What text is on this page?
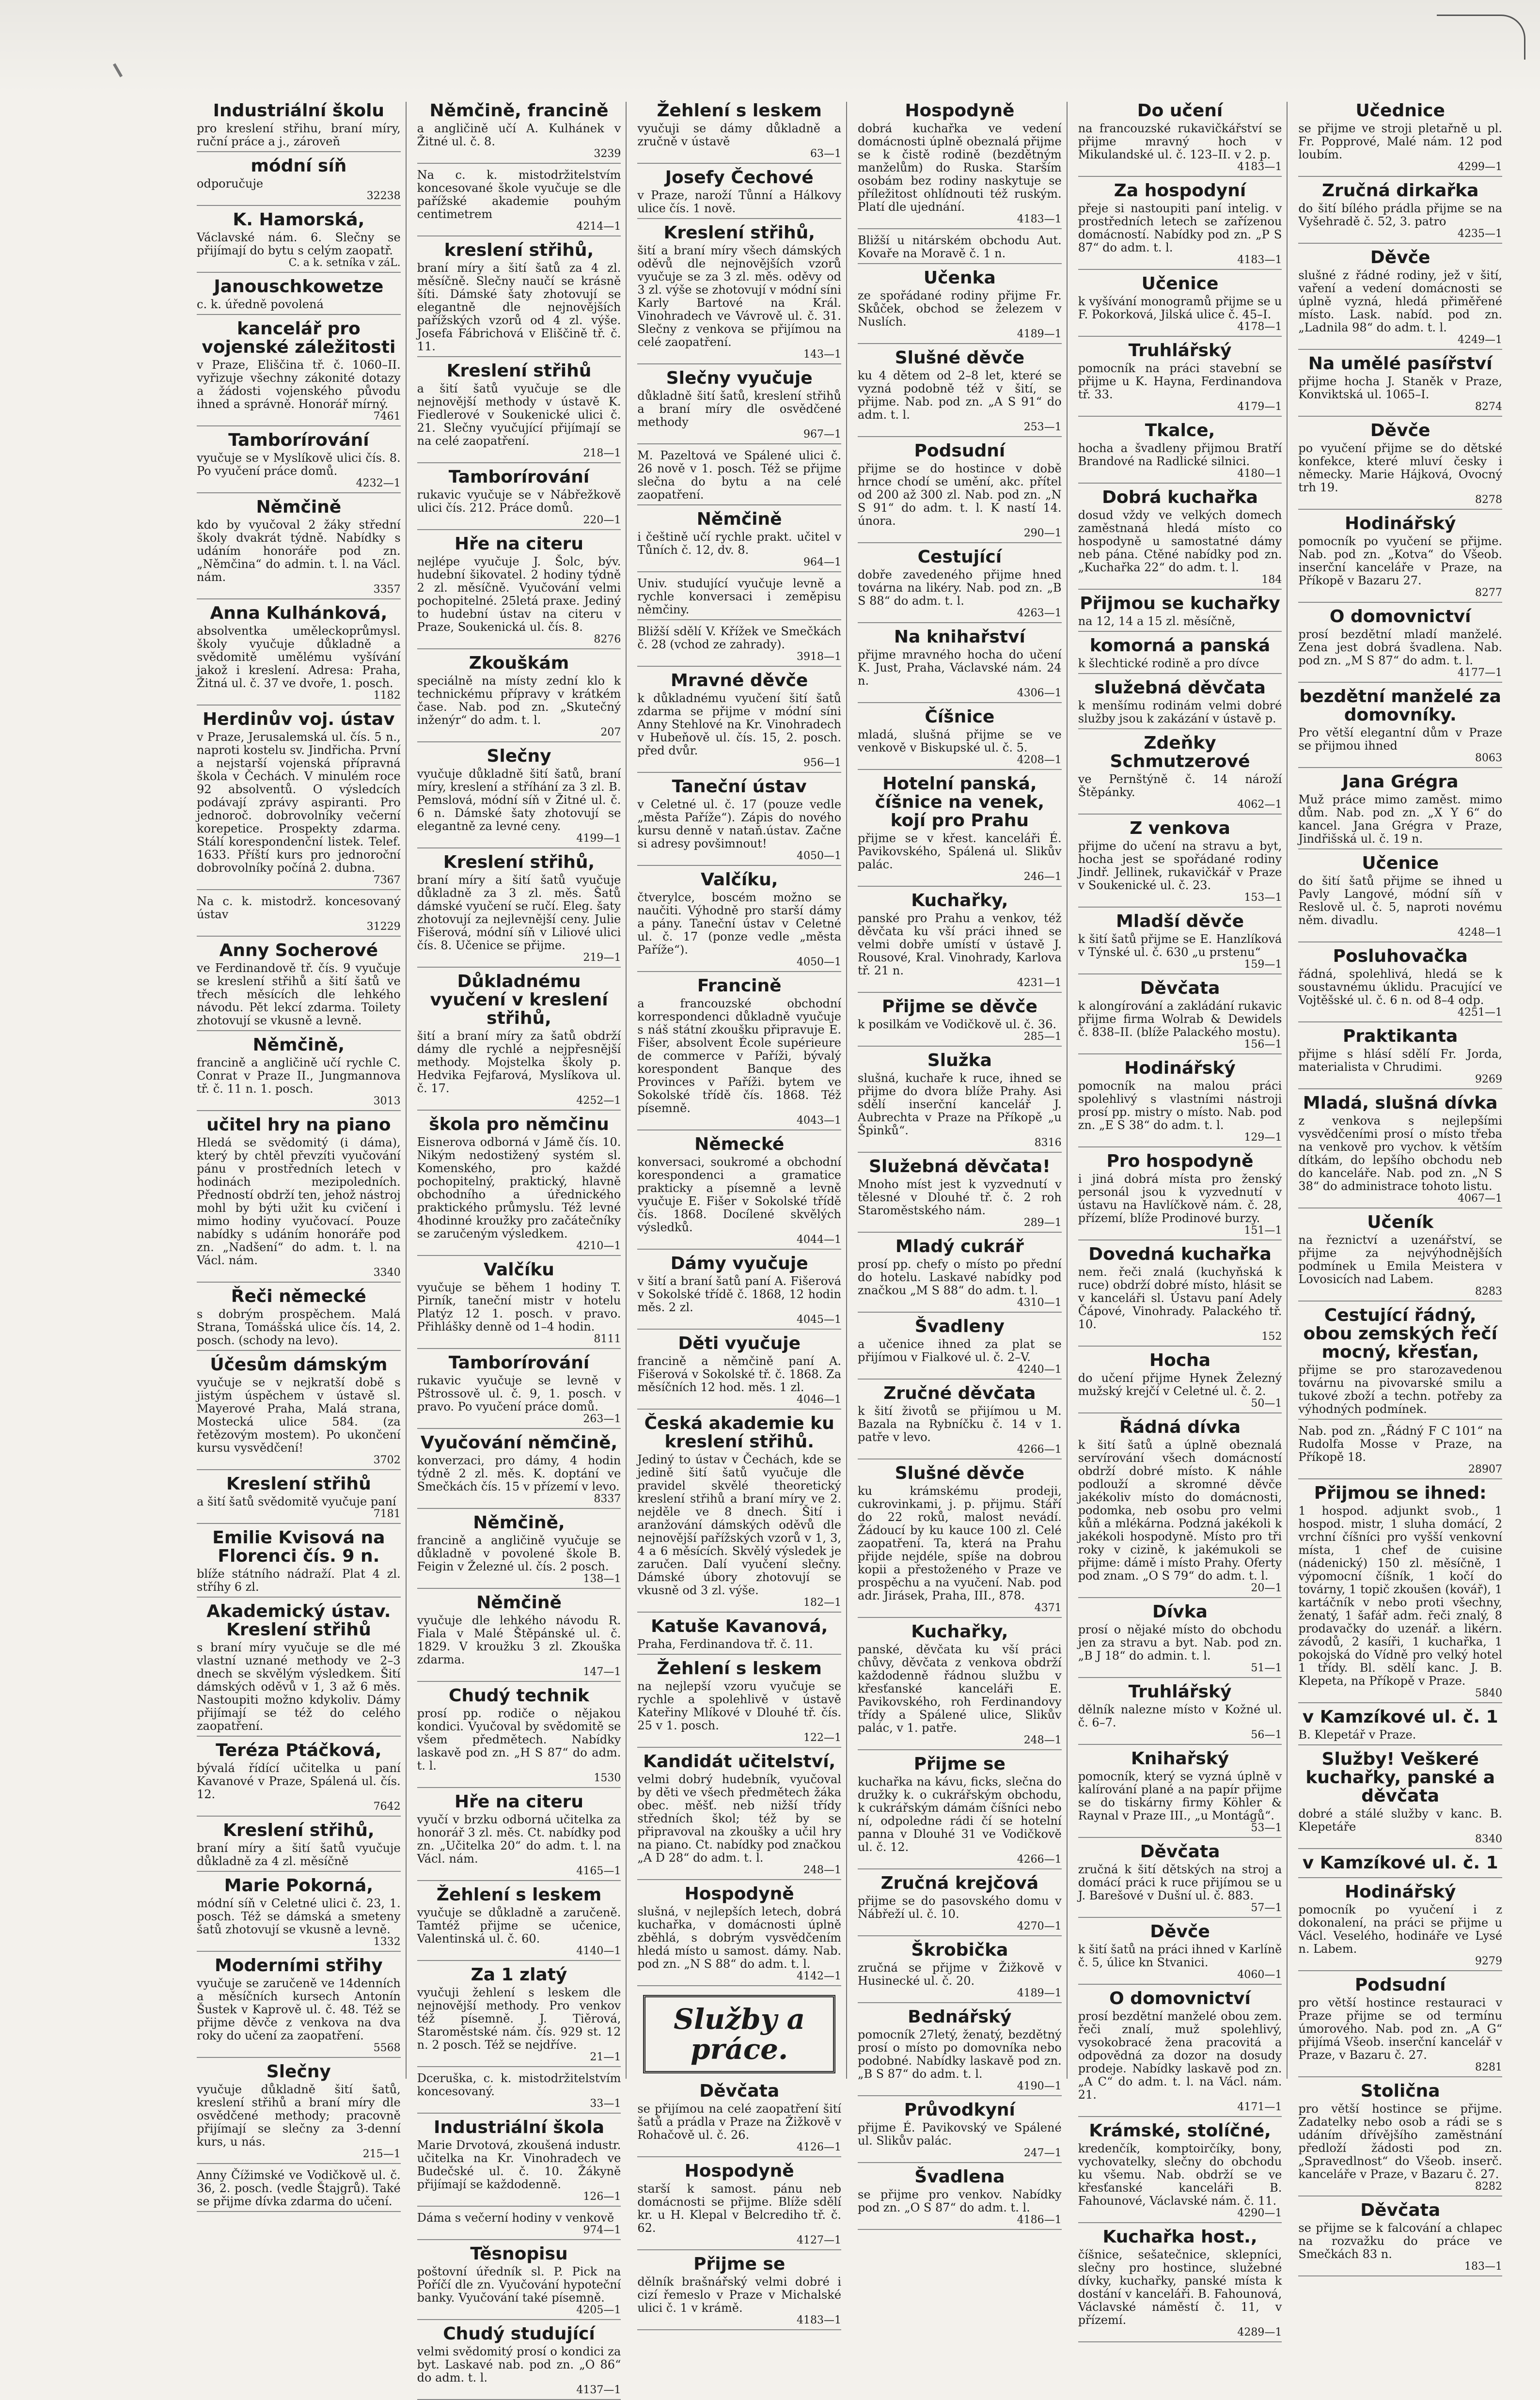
Industriální školu

pro kreslení střihu, braní míry, ruční práce a j., zároveň

módní síň

odporučuje

32238
K. Hamorská,

Václavské nám. 6. Slečny se přijímají do bytu s celým zaopatř.

C. a k. setníka v záL.
Janouschkowetze

c. k. úředně povolená

kancelář pro vojenské záležitosti

v Praze, Eliščina tř. č. 1060–II. vyřizuje všechny zákonité dotazy a žádosti vojenského původu ihned a správně. Honorář mírný.

7461
Tamborírování

vyučuje se v Myslíkově ulici čís. 8. Po vyučení práce domů.

4232—1
Němčině

kdo by vyučoval 2 žáky střední školy dvakrát týdně. Nabídky s udáním honoráře pod zn. „Němčina“ do admin. t. l. na Václ. nám.

3357
Anna Kulhánková,

absolventka uměleckoprůmysl. školy vyučuje důkladně a svědomitě umělému vyšívání jakož i kreslení. Adresa: Praha, Žitná ul. č. 37 ve dvoře, 1. posch.

1182
Herdinův voj. ústav

v Praze, Jerusalemská ul. čís. 5 n., naproti kostelu sv. Jindřicha. První a nejstarší vojenská přípravná škola v Čechách. V minulém roce 92 absolventů. O výsledcích podávají zprávy aspiranti. Pro jednoroč. dobrovolníky večerní korepetice. Prospekty zdarma. Stálí korespondenční listek. Telef. 1633. Příští kurs pro jednoroční dobrovolníky počíná 2. dubna.

7367

Na c. k. mistodrž. koncesovaný ústav

31229
Anny Socherové

ve Ferdinandově tř. čís. 9 vyučuje se kreslení střihů a šití šatů ve třech měsících dle lehkého návodu. Pět lekcí zdarma. Toilety zhotovují se vkusně a levně.

Němčině,

francině a angličině učí rychle C. Conrat v Praze II., Jungmannova tř. č. 11 n. 1. posch.

3013
učitel hry na piano

Hledá se svědomitý (i dáma), který by chtěl převzíti vyučování pánu v prostředních letech v hodinách mezipoledních. Předností obdrží ten, jehož nástroj mohl by býti užit ku cvičení i mimo hodiny vyučovací. Pouze nabídky s udáním honoráře pod zn. „Nadšení“ do adm. t. l. na Václ. nám.

3340
Řeči německé

s dobrým prospěchem. Malá Strana, Tomášská ulice čís. 14, 2. posch. (schody na levo).

Účesům dámským

vyučuje se v nejkratší době s jistým úspěchem v ústavě sl. Mayerové Praha, Malá strana, Mostecká ulice 584. (za řetězovým mostem). Po ukončení kursu vysvědčení!

3702
Kreslení střihů

a šití šatů svědomitě vyučuje paní

7181
Emilie Kvisová na Florenci čís. 9 n.

blíže státního nádraží. Plat 4 zl. stříhy 6 zl.

Akademický ústav. Kreslení střihů

s braní míry vyučuje se dle mé vlastní uznané methody ve 2–3 dnech se skvělým výsledkem. Šití dámských oděvů v 1, 3 až 6 měs. Nastoupiti možno kdykoliv. Dámy přijímají se též do celého zaopatření.

Teréza Ptáčková,

bývalá řídící učitelka u paní Kavanové v Praze, Spálená ul. čís. 12.

7642
Kreslení střihů,

braní míry a šití šatů vyučuje důkladně za 4 zl. měsíčně

Marie Pokorná,

módní síň v Celetné ulici č. 23, 1. posch. Též se dámská a smeteny šatů zhotovují se vkusně a levně.

1332
Moderními střihy

vyučuje se zaručeně ve 14denních a měsíčních kursech Antonín Šustek v Kaprově ul. č. 48. Též se přijme děvče z venkova na dva roky do učení za zaopatření.

5568
Slečny

vyučuje důkladně šití šatů, kreslení střihů a braní míry dle osvědčené methody; pracovně přijímají se slečny za 3-denní kurs, u nás.

215—1

Anny Čížimské ve Vodičkově ul. č. 36, 2. posch. (vedle Štajgrů). Také se přijme dívka zdarma do učení.

Němčině, francině

a angličině učí A. Kulhánek v Žitné ul. č. 8.

3239

Na c. k. mistodržitelstvím koncesované škole vyučuje se dle pařížské akademie pouhým centimetrem

4214—1
kreslení střihů,

braní míry a šití šatů za 4 zl. měsíčně. Slečny naučí se krásně šíti. Dámské šaty zhotovují se elegantně dle nejnovějších pařížských vzorů od 4 zl. výše. Josefa Fábrichová v Eliščině tř. č. 11.

Kreslení střihů

a šití šatů vyučuje se dle nejnovější methody v ústavě K. Fiedlerové v Soukenické ulici č. 21. Slečny vyučující přijímají se na celé zaopatření.

218—1
Tamborírování

rukavic vyučuje se v Nábřežkově ulici čís. 212. Práce domů.

220—1
Hře na citeru

nejlépe vyučuje J. Šolc, býv. hudební šikovatel. 2 hodiny týdně 2 zl. měsíčně. Vyučování velmi pochopitelné. 25letá praxe. Jediný to hudební ústav na citeru v Praze, Soukenická ul. čís. 8.

8276
Zkouškám

speciálně na místy zední klo k technickému přípravy v krátkém čase. Nab. pod zn. „Skutečný inženýr“ do adm. t. l.

207
Slečny

vyučuje důkladně šití šatů, braní míry, kreslení a stříhání za 3 zl. B. Pemslová, módní síň v Žitné ul. č. 6 n. Dámské šaty zhotovují se elegantně za levné ceny.

4199—1
Kreslení střihů,

braní míry a šití šatů vyučuje důkladně za 3 zl. měs. Šatů dámské vyučení se ručí. Eleg. šaty zhotovují za nejlevnější ceny. Julie Fišerová, módní síň v Liliové ulici čís. 8. Učenice se přijme.

219—1
Důkladnému vyučení v kreslení střihů,

šití a braní míry za šatů obdrží dámy dle rychlé a nejpřesnější methody. Mojstelka školy p. Hedvika Fejfarová, Myslíkova ul. č. 17.

4252—1
škola pro němčinu

Eisnerova odborná v Jámě čís. 10. Nikým nedostižený systém sl. Komenského, pro každé pochopitelný, praktický, hlavně obchodního a úřednického praktického průmyslu. Též levné 4hodinné kroužky pro začátečníky se zaručeným výsledkem.

4210—1
Valčíku

vyučuje se během 1 hodiny T. Pirník, taneční mistr v hotelu Platýz 12 1. posch. v pravo. Přihlášky denně od 1–4 hodin.

8111
Tamborírování

rukavic vyučuje se levně v Pštrossově ul. č. 9, 1. posch. v pravo. Po vyučení práce domů.

263—1
Vyučování němčině,

konverzaci, pro dámy, 4 hodin týdně 2 zl. měs. K. doptání ve Smečkách čís. 15 v přízemí v levo.

8337
Němčině,

francině a angličině vyučuje se důkladně v povolené škole B. Feigin v Železné ul. čís. 2 posch.

138—1
Němčině

vyučuje dle lehkého návodu R. Fiala v Malé Štěpánské ul. č. 1829. V kroužku 3 zl. Zkouška zdarma.

147—1
Chudý technik

prosí pp. rodiče o nějakou kondici. Vyučoval by svědomitě se všem předmětech. Nabídky laskavě pod zn. „H S 87“ do adm. t. l.

1530
Hře na citeru

vyučí v brzku odborná učitelka za honorář 3 zl. měs. Ct. nabídky pod zn. „Učitelka 20“ do adm. t. l. na Václ. nám.

4165—1
Žehlení s leskem

vyučuje se důkladně a zaručeně. Tamtéž přijme se učenice, Valentinská ul. č. 60.

4140—1
Za 1 zlatý

vyučuji žehlení s leskem dle nejnovější methody. Pro venkov též písemně. J. Tiěrová, Staroměstské nám. čís. 929 st. 12 n. 2 posch. Též se nejdříve.

21—1

Dceruška, c. k. mistodržitelstvím koncesovaný.

33—1
Industriální škola

Marie Drvotová, zkoušená industr. učitelka na Kr. Vinohradech ve Budečské ul. č. 10. Žákyně přijímají se každodenně.

126—1

Dáma s večerní hodiny v venkově

974—1
Těsnopisu

poštovní úředník sl. P. Pick na Poříčí dle zn. Vyučování hypoteční banky. Vyučování také písemně.

4205—1
Chudý studující

velmi svědomitý prosí o kondici za byt. Laskavé nab. pod zn. „O 86“ do adm. t. l.

4137—1
Žehlení s leskem

vyučuji se dámy důkladně a zručně v ústavě

63—1
Josefy Čechové

v Praze, naroží Tůnní a Hálkovy ulice čís. 1 nově.

Kreslení střihů,

šití a braní míry všech dámských oděvů dle nejnovějších vzorů vyučuje se za 3 zl. měs. oděvy od 3 zl. výše se zhotovují v módní síni Karly Bartové na Král. Vinohradech ve Vávrově ul. č. 31. Slečny z venkova se přijímou na celé zaopatření.

143—1
Slečny vyučuje

důkladně šití šatů, kreslení střihů a braní míry dle osvědčené methody

967—1

M. Pazeltová ve Spálené ulici č. 26 nově v 1. posch. Též se přijme slečna do bytu a na celé zaopatření.

Němčině

i češtině učí rychle prakt. učitel v Tůních č. 12, dv. 8.

964—1

Univ. studující vyučuje levně a rychle konversaci i zeměpisu němčiny.

Bližší sdělí V. Křížek ve Smečkách č. 28 (vchod ze zahrady).

3918—1
Mravné děvče

k důkladnému vyučení šití šatů zdarma se přijme v módní síni Anny Stehlové na Kr. Vinohradech v Hubeňově ul. čís. 15, 2. posch. před dvůr.

956—1
Taneční ústav

v Celetné ul. č. 17 (pouze vedle „města Paříže“). Zápis do nového kursu denně v nataň.ústav. Začne si adresy povšimnout!

4050—1
Valčíku,

čtverylce, boscém možno se naučiti. Výhodně pro starší dámy a pány. Taneční ústav v Celetné ul. č. 17 (ponze vedle „města Paříže“).

4050—1
Francině

a francouzské obchodní korrespondenci důkladně vyučuje s náš státní zkoušku připravuje E. Fišer, absolvent École supérieure de commerce v Paříži, bývalý korespondent Banque des Provinces v Paříži. bytem ve Sokolské třídě čís. 1868. Též písemně.

4043—1
Německé

konversaci, soukromé a obchodní korespondenci a gramatice prakticky a písemně a levně vyučuje E. Fišer v Sokolské třídě čís. 1868. Docílené skvělých výsledků.

4044—1
Dámy vyučuje

v šití a braní šatů paní A. Fišerová v Sokolské třídě č. 1868, 12 hodin měs. 2 zl.

4045—1
Děti vyučuje

francině a němčině paní A. Fišerová v Sokolské tř. č. 1868. Za měsíčních 12 hod. měs. 1 zl.

4046—1
Česká akademie ku kreslení střihů.

Jediný to ústav v Čechách, kde se jedině šití šatů vyučuje dle pravidel skvělé theoretický kreslení střihů a braní míry ve 2. nejděle ve 8 dnech. Šití i aranžování dámských oděvů dle nejnovější pařížských vzorů v 1, 3, 4 a 6 měsících. Skvělý výsledek je zaručen. Dalí vyučení slečny. Dámské úbory zhotovují se vkusně od 3 zl. výše.

182—1
Katuše Kavanová,

Praha, Ferdinandova tř. č. 11.

Žehlení s leskem

na nejlepší vzoru vyučuje se rychle a spolehlivě v ústavě Kateřiny Mlíkové v Dlouhé tř. čís. 25 v 1. posch.

122—1
Kandidát učitelství,

velmi dobrý hudebník, vyučoval by děti ve všech předmětech žáka obec. měšť. neb nižší třídy středních škol; též by se připravoval na zkoušky a učil hry na piano. Ct. nabídky pod značkou „A D 28“ do adm. t. l.

248—1
Hospodyně

slušná, v nejlepších letech, dobrá kuchařka, v domácnosti úplně zběhlá, s dobrým vysvědčením hledá místo u samost. dámy. Nab. pod zn. „N S 88“ do adm. t. l.

4142—1
Služby a práce.
Děvčata

se přijímou na celé zaopatření šití šatů a prádla v Praze na Žižkově v Rohačově ul. č. 26.

4126—1
Hospodyně

starší k samost. pánu neb domácnosti se přijme. Blíže sdělí kr. u H. Klepal v Belcrediho tř. č. 62.

4127—1
Přijme se

dělník brašnářský velmi dobré i cizí řemeslo v Praze v Michalské ulici č. 1 v krámě.

4183—1
Hospodyně

dobrá kuchařka ve vedení domácnosti úplně obeznalá přijme se k čistě rodině (bezdětným manželům) do Ruska. Starším osobám bez rodiny naskytuje se příležitost ohlídnouti též ruským. Platí dle ujednání.

4183—1

Bližší u nitárském obchodu Aut. Kovaře na Moravě č. 1 n.

Učenka

ze spořádané rodiny přijme Fr. Skůček, obchod se železem v Nuslích.

4189—1
Slušné děvče

ku 4 dětem od 2–8 let, které se vyzná podobně též v šití, se přijme. Nab. pod zn. „A S 91“ do adm. t. l.

253—1
Podsudní

přijme se do hostince v době hrnce chodí se umění, akc. přítel od 200 až 300 zl. Nab. pod zn. „N S 91“ do adm. t. l. K nastí 14. února.

290—1
Cestující

dobře zavedeného přijme hned továrna na likéry. Nab. pod zn. „B S 88“ do adm. t. l.

4263—1
Na knihařství

přijme mravného hocha do učení K. Just, Praha, Václavské nám. 24 n.

4306—1
Číšnice

mladá, slušná přijme se ve venkově v Biskupské ul. č. 5.

4208—1
Hotelní panská, číšnice na venek, kojí pro Prahu

přijme se v křest. kanceláři É. Pavikovského, Spálená ul. Slikův palác.

246—1
Kuchařky,

panské pro Prahu a venkov, též děvčata ku vší práci ihned se velmi dobře umístí v ústavě J. Rousové, Kral. Vinohrady, Karlova tř. 21 n.

4231—1
Přijme se děvče

k posilkám ve Vodičkově ul. č. 36.

285—1
Služka

slušná, kuchaře k ruce, ihned se přijme do dvora blíže Prahy. Asi sdělí inserční kancelář J. Aubrechta v Praze na Příkopě „u Špinků“.

8316
Služebná děvčata!

Mnoho míst jest k vyzvednutí v tělesné v Dlouhé tř. č. 2 roh Staroměstského nám.

289—1
Mladý cukrář

prosí pp. chefy o místo po přední do hotelu. Laskavé nabídky pod značkou „M S 88“ do adm. t. l.

4310—1
Švadleny

a učenice ihned za plat se přijímou v Fialkové ul. č. 2–V.

4240—1
Zručné děvčata

k šití životů se přijímou u M. Bazala na Rybníčku č. 14 v 1. patře v levo.

4266—1
Slušné děvče

ku krámskému prodeji, cukrovinkami, j. p. přijmu. Stáří do 22 roků, malost nevádí. Žádoucí by ku kauce 100 zl. Celé zaopatření. Ta, která na Prahu přijde nejdéle, spíše na dobrou kopii a přestoženého v Praze ve prospěchu a na vyučení. Nab. pod adr. Jirásek, Praha, III., 878.

4371
Kuchařky,

panské, děvčata ku vší práci chůvy, děvčata z venkova obdrží každodenně řádnou službu v křesťanské kanceláři E. Pavikovského, roh Ferdinandovy třídy a Spálené ulice, Slikův palác, v 1. patře.

248—1
Přijme se

kuchařka na kávu, ficks, slečna do družky k. o cukrářským obchodu, k cukrářským dámám číšníci nebo ní, odpoledne rádi čí se hotelní panna v Dlouhé 31 ve Vodičkově ul. č. 12.

4266—1
Zručná krejčová

přijme se do pasovského domu v Nábřeží ul. č. 10.

4270—1
Škrobička

zručná se přijme v Žižkově v Husinecké ul. č. 20.

4189—1
Bednářský

pomocník 27letý, ženatý, bezdětný prosí o místo po domovníka nebo podobné. Nabídky laskavě pod zn. „B S 87“ do adm. t. l.

4190—1
Průvodkyní

přijme É. Pavikovský ve Spálené ul. Slikův palác.

247—1
Švadlena

se přijme pro venkov. Nabídky pod zn. „O S 87“ do adm. t. l.

4186—1
Do učení

na francouzské rukavičkářství se přijme mravný hoch v Mikulandské ul. č. 123–II. v 2. p.

4183—1
Za hospodyní

přeje si nastoupiti paní intelig. v prostředních letech se zařízenou domácností. Nabídky pod zn. „P S 87“ do adm. t. l.

4183—1
Učenice

k vyšívání monogramů přijme se u F. Pokorková, Jilská ulice č. 45–I.

4178—1
Truhlářský

pomocník na práci stavební se přijme u K. Hayna, Ferdinandova tř. 33.

4179—1
Tkalce,

hocha a švadleny přijmou Bratří Brandové na Radlické silnici.

4180—1
Dobrá kuchařka

dosud vždy ve velkých domech zaměstnaná hledá místo co hospodyně u samostatné dámy neb pána. Ctěné nabídky pod zn. „Kuchařka 22“ do adm. t. l.

184
Přijmou se kuchařky

na 12, 14 a 15 zl. měsíčně,

komorná a panská

k šlechtické rodině a pro dívce

služebná děvčata

k menšímu rodinám velmi dobré služby jsou k zakázání v ústavě p.

Zdeňky Schmutzerové

ve Pernštýně č. 14 nároží Štěpánky.

4062—1
Z venkova

přijme do učení na stravu a byt, hocha jest se spořádané rodiny Jindř. Jellinek, rukavičkář v Praze v Soukenické ul. č. 23.

153—1
Mladší děvče

k šití šatů přijme se E. Hanzlíková v Týnské ul. č. 630 „u prstenu“

159—1
Děvčata

k alongírování a zakládání rukavic přijme firma Wolrab & Dewidels č. 838–II. (blíže Palackého mostu).

156—1
Hodinářský

pomocník na malou práci spolehlivý s vlastními nástroji prosí pp. mistry o místo. Nab. pod zn. „E S 38“ do adm. t. l.

129—1
Pro hospodyně

i jiná dobrá místa pro ženský personál jsou k vyzvednutí v ústavu na Havlíčkově nám. č. 28, přízemí, blíže Prodinové burzy.

151—1
Dovedná kuchařka

nem. řeči znalá (kuchyňská k ruce) obdrží dobré místo, hlásit se v kanceláři sl. Ústavu paní Adely Čápové, Vinohrady. Palackého tř. 10.

152
Hocha

do učení přijme Hynek Železný mužský krejčí v Celetné ul. č. 2.

50—1
Řádná dívka

k šití šatů a úplně obeznalá servírování všech domácností obdrží dobré místo. K náhle podlouží a skromné děvče jakékoliv místo do domácnosti, podomka, neb osobu pro velmi kůň a mlékárna. Podzná jakékoli k jakékoli hospodyně. Místo pro tři roky v cizině, k jakémukoli se přijme: dámě i místo Prahy. Oferty pod znam. „O S 79“ do adm. t. l.

20—1
Dívka

prosí o nějaké místo do obchodu jen za stravu a byt. Nab. pod zn. „B J 18“ do admin. t. l.

51—1
Truhlářský

dělník nalezne místo v Kožné ul. č. 6–7.

56—1
Knihařský

pomocník, který se vyzná úplně v kalírování plané a na papír přijme se do tiskárny firmy Köhler & Raynal v Praze III., „u Montágů“.

53—1
Děvčata

zručná k šití dětských na stroj a domácí práci k ruce přijímou se u J. Barešové v Dušní ul. č. 883.

57—1
Děvče

k šití šatů na práci ihned v Karlíně č. 5, úlice kn Stvanici.

4060—1
O domovnictví

prosí bezdětní manželé obou zem. řeči znalí, muž spolehlivý, vysokobracé žena pracovitá a odpovědná za dozor na dosudy prodeje. Nabídky laskavě pod zn. „A C“ do adm. t. l. na Václ. nám. 21.

4171—1
Krámské, stolíčné,

kredenčík, komptoirčíky, bony, vychovatelky, slečny do obchodu ku všemu. Nab. obdrží se ve křesťanské kanceláři B. Fahounové, Václavské nám. č. 11.

4290—1
Kuchařka host.,

číšnice, sešatečnice, sklepníci, slečny pro hostince, služebné dívky, kuchařky, panské místa k dostání v kanceláři. B. Fahounová, Václavské náměstí č. 11, v přízemí.

4289—1
Učednice

se přijme ve stroji pletařně u pl. Fr. Popprové, Malé nám. 12 pod loubím.

4299—1
Zručná dirkařka

do šití bílého prádla přijme se na Vyšehradě č. 52, 3. patro

4235—1
Děvče

slušné z řádné rodiny, jež v šití, vaření a vedení domácnosti se úplně vyzná, hledá přiměřené místo. Lask. nabíd. pod zn. „Ladnila 98“ do adm. t. l.

4249—1
Na umělé pasířství

přijme hocha J. Staněk v Praze, Konviktská ul. 1065–I.

8274
Děvče

po vyučení přijme se do dětské konfekce, které mluví česky i německy. Marie Hájková, Ovocný trh 19.

8278
Hodinářský

pomocník po vyučení se přijme. Nab. pod zn. „Kotva“ do Všeob. inserční kanceláře v Praze, na Příkopě v Bazaru 27.

8277
O domovnictví

prosí bezdětní mladí manželé. Zena jest dobrá švadlena. Nab. pod zn. „M S 87“ do adm. t. l.

4177—1
bezdětní manželé za domovníky.

Pro větší elegantní dům v Praze se přijmou ihned

8063
Jana Grégra

Muž práce mimo zaměst. mimo dům. Nab. pod zn. „X Y 6“ do kancel. Jana Grégra v Praze, Jindřišská ul. č. 19 n.

Učenice

do šití šatů přijme se ihned u Pavly Langové, módní síň v Reslově ul. č. 5, naproti novému něm. divadlu.

4248—1
Posluhovačka

řádná, spolehlivá, hledá se k soustavnému úklidu. Pracující ve Vojtěšské ul. č. 6 n. od 8–4 odp.

4251—1
Praktikanta

přijme s hlásí sdělí Fr. Jorda, materialista v Chrudimi.

9269
Mladá, slušná dívka

z venkova s nejlepšími vysvědčeními prosí o místo třeba na venkově pro vychov. k větším dítkám, do lepšího obchodu neb do kanceláře. Nab. pod zn. „N S 38“ do administrace tohoto listu.

4067—1
Učeník

na řeznictví a uzenářství, se přijme za nejvýhodnějších podmínek u Emila Meistera v Lovosicích nad Labem.

8283
Cestující řádný, obou zemských řečí mocný, křesťan,

přijme se pro starozavedenou továrnu na pivovarské smilu a tukové zboží a techn. potřeby za výhodných podmínek.

Nab. pod zn. „Řádný F C 101“ na Rudolfa Mosse v Praze, na Příkopě 18.

28907
Přijmou se ihned:

1 hospod. adjunkt svob., 1 hospod. mistr, 1 sluha domácí, 2 vrchní číšníci pro vyšší venkovní místa, 1 chef de cuisine (nádenický) 150 zl. měsíčně, 1 výpomocní číšník, 1 kočí do továrny, 1 topič zkoušen (kovář), 1 kartáčník v nebo proti všechny, ženatý, 1 šafář adm. řeči znalý, 8 prodavačky do uzenář. a likérn. závodů, 2 kasíři, 1 kuchařka, 1 pokojská do Vídně pro velký hotel 1 třídy. Bl. sdělí kanc. J. B. Klepeta, na Příkopě v Praze.

5840
v Kamzíkové ul. č. 1

B. Klepetář v Praze.

Služby! Veškeré kuchařky, panské a děvčata

dobré a stálé služby v kanc. B. Klepetáře

8340
v Kamzíkové ul. č. 1
Hodinářský

pomocník po vyučení i z dokonalení, na práci se přijme u Václ. Veselého, hodináře ve Lysé n. Labem.

9279
Podsudní

pro větší hostince restauraci v Praze přijme se od termínu úmorového. Nab. pod zn. „A G“ přijímá Všeob. inserční kancelář v Praze, v Bazaru č. 27.

8281
Stolična

pro větší hostince se přijme. Zadatelky nebo osob a rádi se s udáním dřívějšího zaměstnání předloží žádosti pod zn. „Spravedlnost“ do Všeob. inserč. kanceláře v Praze, v Bazaru č. 27.

8282
Děvčata

se přijme se k falcování a chlapec na rozvažku do práce ve Smečkách 83 n.

183—1
